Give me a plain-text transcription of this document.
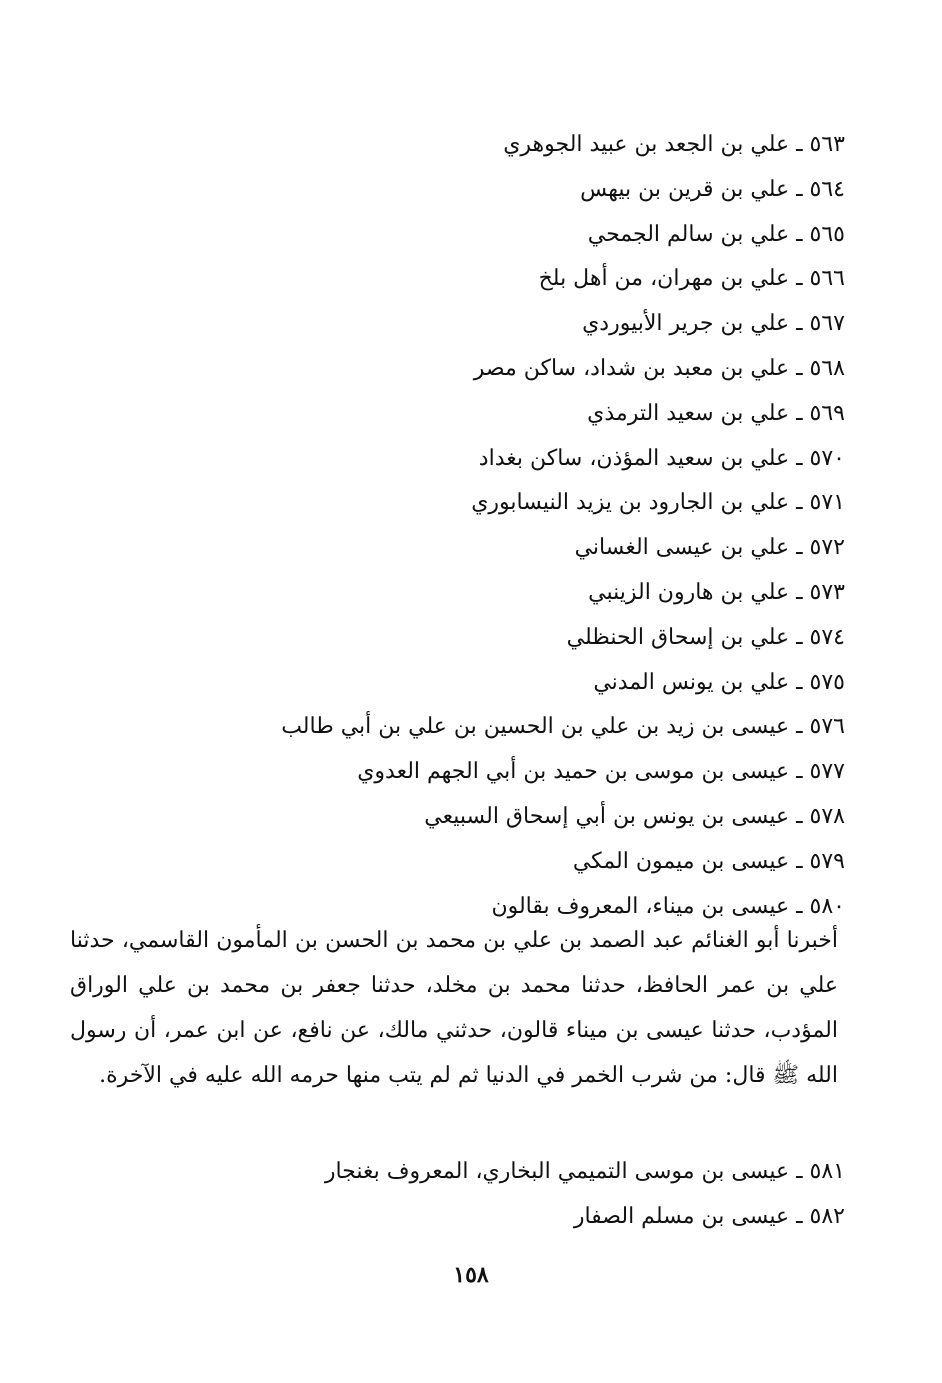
٥٦٣ ـ علي بن الجعد بن عبيد الجوهري
٥٦٤ ـ علي بن قرين بن بيهس
٥٦٥ ـ علي بن سالم الجمحي
٥٦٦ ـ علي بن مهران، من أهل بلخ
٥٦٧ ـ علي بن جرير الأبيوردي
٥٦٨ ـ علي بن معبد بن شداد، ساكن مصر
٥٦٩ ـ علي بن سعيد الترمذي
٥٧٠ ـ علي بن سعيد المؤذن، ساكن بغداد
٥٧١ ـ علي بن الجارود بن يزيد النيسابوري
٥٧٢ ـ علي بن عيسى الغساني
٥٧٣ ـ علي بن هارون الزينبي
٥٧٤ ـ علي بن إسحاق الحنظلي
٥٧٥ ـ علي بن يونس المدني
٥٧٦ ـ عيسى بن زيد بن علي بن الحسين بن علي بن أبي طالب
٥٧٧ ـ عيسى بن موسى بن حميد بن أبي الجهم العدوي
٥٧٨ ـ عيسى بن يونس بن أبي إسحاق السبيعي
٥٧٩ ـ عيسى بن ميمون المكي
٥٨٠ ـ عيسى بن ميناء، المعروف بقالون

أخبرنا أبو الغنائم عبد الصمد بن علي بن محمد بن الحسن بن المأمون القاسمي، حدثنا علي بن عمر الحافظ، حدثنا محمد بن مخلد، حدثنا جعفر بن محمد بن علي الوراق المؤدب، حدثنا عيسى بن ميناء قالون، حدثني مالك، عن نافع، عن ابن عمر، أن رسول الله ﷺ قال: من شرب الخمر في الدنيا ثم لم يتب منها حرمه الله عليه في الآخرة.

٥٨١ ـ عيسى بن موسى التميمي البخاري، المعروف بغنجار
٥٨٢ ـ عيسى بن مسلم الصفار
١٥٨
